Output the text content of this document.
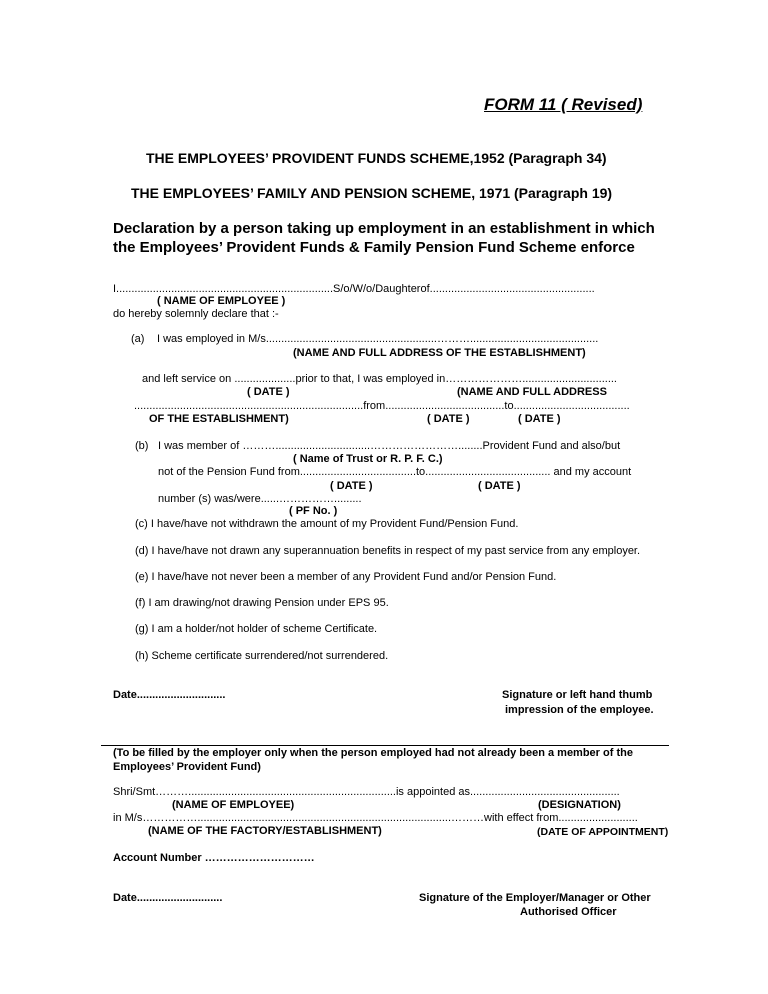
FORM 11 ( Revised)
THE EMPLOYEES’ PROVIDENT FUNDS SCHEME,1952 (Paragraph 34)
THE EMPLOYEES’ FAMILY AND PENSION SCHEME, 1971 (Paragraph 19)
Declaration by a person taking up employment in an establishment in which
the Employees’ Provident Funds & Family Pension Fund Scheme enforce
I.......................................................................S/o/W/o/Daughterof......................................................
( NAME OF EMPLOYEE )
do hereby solemnly declare that :-
(a) I was employed in M/s........................................................………..........................................
(NAME AND FULL ADDRESS OF THE ESTABLISHMENT)
and left service on ....................prior to that, I was employed in…………………...............................
( DATE )	(NAME AND FULL ADDRESS
...........................................................................from.......................................to......................................
OF THE ESTABLISHMENT)	( DATE )	( DATE )
(b) I was member of ………...............................……………………........Provident Fund and also/but
( Name of Trust or R. P. F. C.)
not of the Pension Fund from......................................to......................................... and my account
( DATE )	( DATE )
number (s) was/were......…………….........
( PF No. )
(c) I have/have not withdrawn the amount of my Provident Fund/Pension Fund.
(d) I have/have not drawn any superannuation benefits in respect of my past service from any employer.
(e) I have/have not never been a member of any Provident Fund and/or Pension Fund.
(f) I am drawing/not drawing Pension under EPS 95.
(g) I am a holder/not holder of scheme Certificate.
(h) Scheme certificate surrendered/not surrendered.
Date.............................	Signature or left hand thumb
impression of the employee.
(To be filled by the employer only when the person employed had not already been a member of the
Employees’ Provident Fund)
Shri/Smt………....................................................................is appointed as.................................................
(NAME OF EMPLOYEE)	(DESIGNATION)
in M/s……………...................................................................................………with effect from..........................
(NAME OF THE FACTORY/ESTABLISHMENT)	(DATE OF APPOINTMENT)
Account Number …………………………
Date............................	Signature of the Employer/Manager or Other
Authorised Officer
